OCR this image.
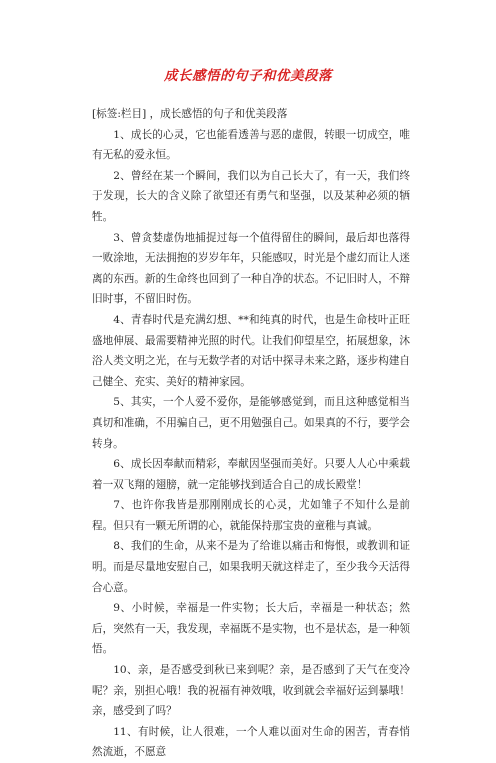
成长感悟的句子和优美段落

[标签:栏目] ，成长感悟的句子和优美段落

1、成长的心灵，它也能看透善与恶的虚假，转眼一切成空，唯有无私的爱永恒。

2、曾经在某一个瞬间，我们以为自己长大了，有一天，我们终于发现，长大的含义除了欲望还有勇气和坚强，以及某种必须的牺牲。

3、曾贪婪虚伪地捕捉过每一个值得留住的瞬间，最后却也落得一败涂地，无法拥抱的岁岁年年，只能感叹，时光是个虚幻而让人迷离的东西。新的生命终也回到了一种自净的状态。不记旧时人，不辩旧时事，不留旧时伤。

4、青春时代是充满幻想、**和纯真的时代，也是生命枝叶正旺盛地伸展、最需要精神光照的时代。让我们仰望星空，拓展想象，沐浴人类文明之光，在与无数学者的对话中探寻未来之路，逐步构建自己健全、充实、美好的精神家园。

5、其实，一个人爱不爱你，是能够感觉到，而且这种感觉相当真切和准确，不用骗自己，更不用勉强自己。如果真的不行，要学会转身。

6、成长因奉献而精彩，奉献因坚强而美好。只要人人心中乘载着一双飞翔的翅膀，就一定能够找到适合自己的成长殿堂！

7、也许你我皆是那刚刚成长的心灵，尤如雏子不知什么是前程。但只有一颗无所谓的心，就能保持那宝贵的童稚与真诚。

8、我们的生命，从来不是为了给谁以痛击和悔恨，或教训和证明。而是尽量地安慰自己，如果我明天就这样走了，至少我今天活得合心意。

9、小时候，幸福是一件实物；长大后，幸福是一种状态；然后，突然有一天，我发现，幸福既不是实物，也不是状态，是一种领悟。

10、亲，是否感受到秋已来到呢？亲，是否感到了天气在变冷呢？亲，别担心哦！我的祝福有神效哦，收到就会幸福好运到暴哦！亲，感受到了吗？

11、有时候，让人很难，一个人难以面对生命的困苦，青春悄然流逝，不愿意
